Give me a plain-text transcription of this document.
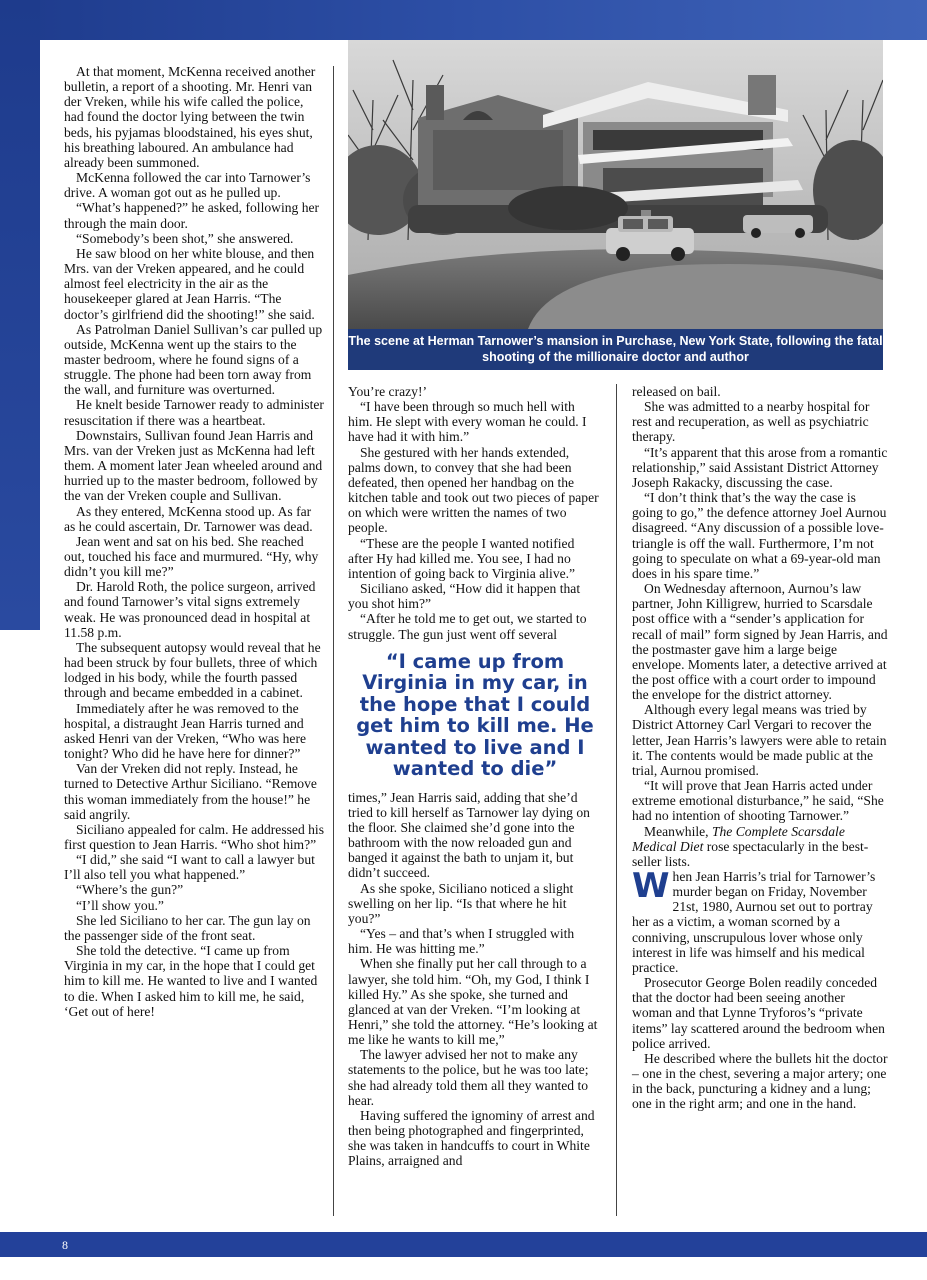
At that moment, McKenna received another bulletin, a report of a shooting. Mr. Henri van der Vreken, while his wife called the police, had found the doctor lying between the twin beds, his pyjamas bloodstained, his eyes shut, his breathing laboured. An ambulance had already been summoned.

McKenna followed the car into Tarnower’s drive. A woman got out as he pulled up.

“What’s happened?” he asked, following her through the main door.

“Somebody’s been shot,” she answered.

He saw blood on her white blouse, and then Mrs. van der Vreken appeared, and he could almost feel electricity in the air as the housekeeper glared at Jean Harris. “The doctor’s girlfriend did the shooting!” she said.

As Patrolman Daniel Sullivan’s car pulled up outside, McKenna went up the stairs to the master bedroom, where he found signs of a struggle. The phone had been torn away from the wall, and furniture was overturned.

He knelt beside Tarnower ready to administer resuscitation if there was a heartbeat.

Downstairs, Sullivan found Jean Harris and Mrs. van der Vreken just as McKenna had left them. A moment later Jean wheeled around and hurried up to the master bedroom, followed by the van der Vreken couple and Sullivan.

As they entered, McKenna stood up. As far as he could ascertain, Dr. Tarnower was dead.

Jean went and sat on his bed. She reached out, touched his face and murmured. “Hy, why didn’t you kill me?”

Dr. Harold Roth, the police surgeon, arrived and found Tarnower’s vital signs extremely weak. He was pronounced dead in hospital at 11.58 p.m.

The subsequent autopsy would reveal that he had been struck by four bullets, three of which lodged in his body, while the fourth passed through and became embedded in a cabinet.

Immediately after he was removed to the hospital, a distraught Jean Harris turned and asked Henri van der Vreken, “Who was here tonight? Who did he have here for dinner?”

Van der Vreken did not reply. Instead, he turned to Detective Arthur Siciliano. “Remove this woman immediately from the house!” he said angrily.

Siciliano appealed for calm. He addressed his first question to Jean Harris. “Who shot him?”

“I did,” she said “I want to call a lawyer but I’ll also tell you what happened.”

“Where’s the gun?”

“I’ll show you.”

She led Siciliano to her car. The gun lay on the passenger side of the front seat.

She told the detective. “I came up from Virginia in my car, in the hope that I could get him to kill me. He wanted to live and I wanted to die. When I asked him to kill me, he said, ‘Get out of here!

The scene at Herman Tarnower’s mansion in Purchase, New York State, following the fatal shooting of the millionaire doctor and author

You’re crazy!’

“I have been through so much hell with him. He slept with every woman he could. I have had it with him.”

She gestured with her hands extended, palms down, to convey that she had been defeated, then opened her handbag on the kitchen table and took out two pieces of paper on which were written the names of two people.

“These are the people I wanted notified after Hy had killed me. You see, I had no intention of going back to Virginia alive.”

Siciliano asked, “How did it happen that you shot him?”

“After he told me to get out, we started to struggle. The gun just went off several

“I came up from Virginia in my car, in the hope that I could get him to kill me. He wanted to live and I wanted to die”

times,” Jean Harris said, adding that she’d tried to kill herself as Tarnower lay dying on the floor. She claimed she’d gone into the bathroom with the now reloaded gun and banged it against the bath to unjam it, but didn’t succeed.

As she spoke, Siciliano noticed a slight swelling on her lip. “Is that where he hit you?”

“Yes – and that’s when I struggled with him. He was hitting me.”

When she finally put her call through to a lawyer, she told him. “Oh, my God, I think I killed Hy.” As she spoke, she turned and glanced at van der Vreken. “I’m looking at Henri,” she told the attorney. “He’s looking at me like he wants to kill me,”

The lawyer advised her not to make any statements to the police, but he was too late; she had already told them all they wanted to hear.

Having suffered the ignominy of arrest and then being photographed and fingerprinted, she was taken in handcuffs to court in White Plains, arraigned and

released on bail.

She was admitted to a nearby hospital for rest and recuperation, as well as psychiatric therapy.

“It’s apparent that this arose from a romantic relationship,” said Assistant District Attorney Joseph Rakacky, discussing the case.

“I don’t think that’s the way the case is going to go,” the defence attorney Joel Aurnou disagreed. “Any discussion of a possible love-triangle is off the wall. Furthermore, I’m not going to speculate on what a 69-year-old man does in his spare time.”

On Wednesday afternoon, Aurnou’s law partner, John Killigrew, hurried to Scarsdale post office with a “sender’s application for recall of mail” form signed by Jean Harris, and the postmaster gave him a large beige envelope. Moments later, a detective arrived at the post office with a court order to impound the envelope for the district attorney.

Although every legal means was tried by District Attorney Carl Vergari to recover the letter, Jean Harris’s lawyers were able to retain it. The contents would be made public at the trial, Aurnou promised.

“It will prove that Jean Harris acted under extreme emotional disturbance,” he said, “She had no intention of shooting Tarnower.”

Meanwhile, The Complete Scarsdale Medical Diet rose spectacularly in the best-seller lists.

When Jean Harris’s trial for Tarnower’s murder began on Friday, November 21st, 1980, Aurnou set out to portray her as a victim, a woman scorned by a conniving, unscrupulous lover whose only interest in life was himself and his medical practice.

Prosecutor George Bolen readily conceded that the doctor had been seeing another woman and that Lynne Tryforos’s “private items” lay scattered around the bedroom when police arrived.

He described where the bullets hit the doctor – one in the chest, severing a major artery; one in the back, puncturing a kidney and a lung; one in the right arm; and one in the hand.

8
